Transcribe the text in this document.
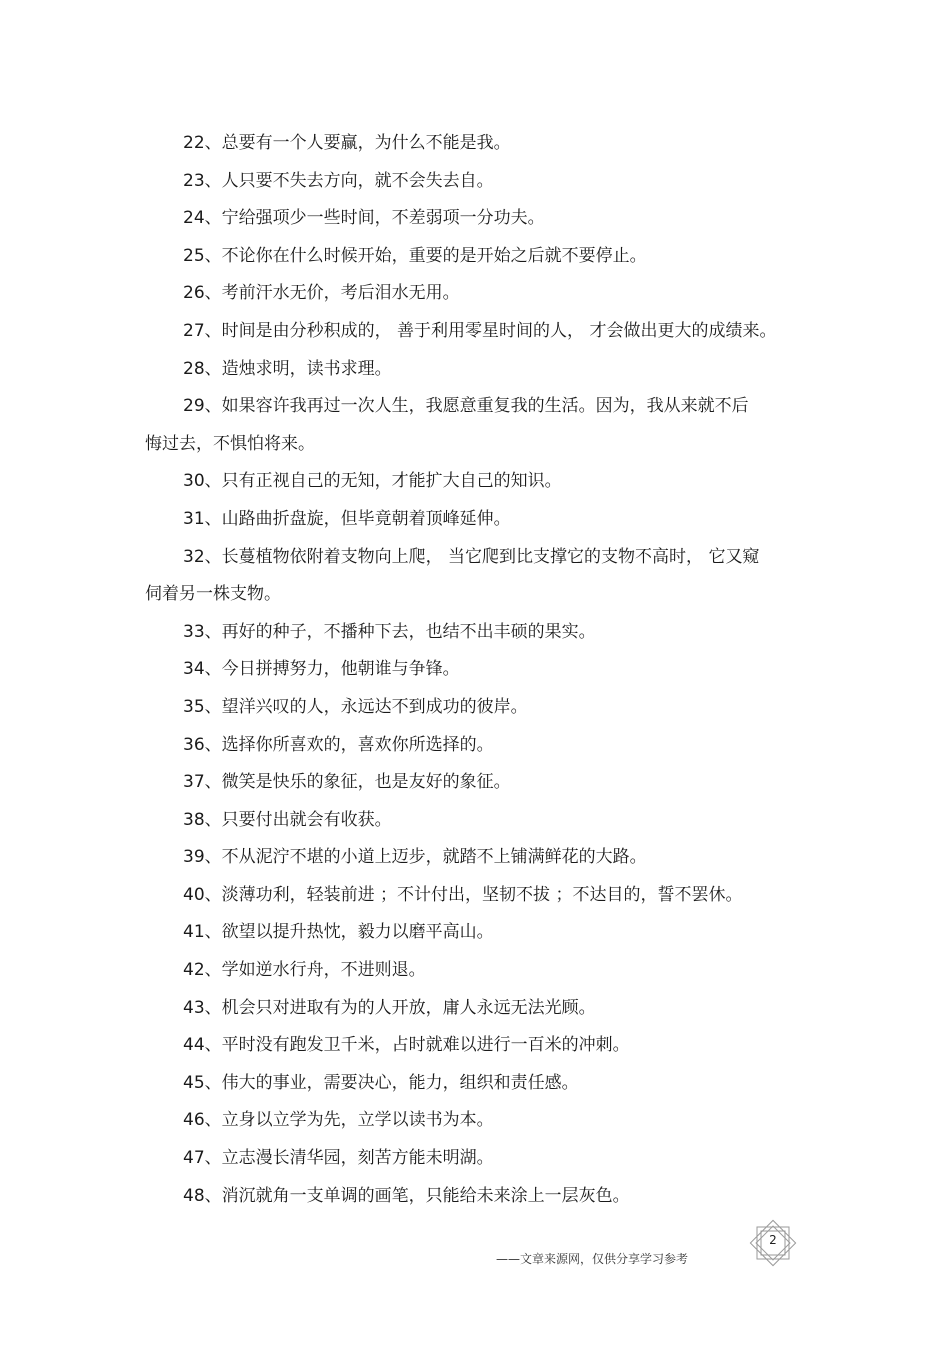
22、总要有一个人要赢，为什么不能是我。
23、人只要不失去方向，就不会失去自。
24、宁给强项少一些时间，不差弱项一分功夫。
25、不论你在什么时候开始，重要的是开始之后就不要停止。
26、考前汗水无价，考后泪水无用。
27、时间是由分秒积成的， 善于利用零星时间的人， 才会做出更大的成绩来。
28、造烛求明，读书求理。
29、如果容许我再过一次人生，我愿意重复我的生活。因为，我从来就不后
悔过去，不惧怕将来。
30、只有正视自己的无知，才能扩大自己的知识。
31、山路曲折盘旋，但毕竟朝着顶峰延伸。
32、长蔓植物依附着支物向上爬， 当它爬到比支撑它的支物不高时， 它又窥
伺着另一株支物。
33、再好的种子，不播种下去，也结不出丰硕的果实。
34、今日拼搏努力，他朝谁与争锋。
35、望洋兴叹的人，永远达不到成功的彼岸。
36、选择你所喜欢的，喜欢你所选择的。
37、微笑是快乐的象征，也是友好的象征。
38、只要付出就会有收获。
39、不从泥泞不堪的小道上迈步，就踏不上铺满鲜花的大路。
40、淡薄功利，轻装前进 ；不计付出，坚韧不拔 ；不达目的，誓不罢休。
41、欲望以提升热忱，毅力以磨平高山。
42、学如逆水行舟，不进则退。
43、机会只对进取有为的人开放，庸人永远无法光顾。
44、平时没有跑发卫千米，占时就难以进行一百米的冲刺。
45、伟大的事业，需要决心，能力，组织和责任感。
46、立身以立学为先，立学以读书为本。
47、立志漫长清华园，刻苦方能未明湖。
48、消沉就角一支单调的画笔，只能给未来涂上一层灰色。
——文章来源网，仅供分享学习参考
2
